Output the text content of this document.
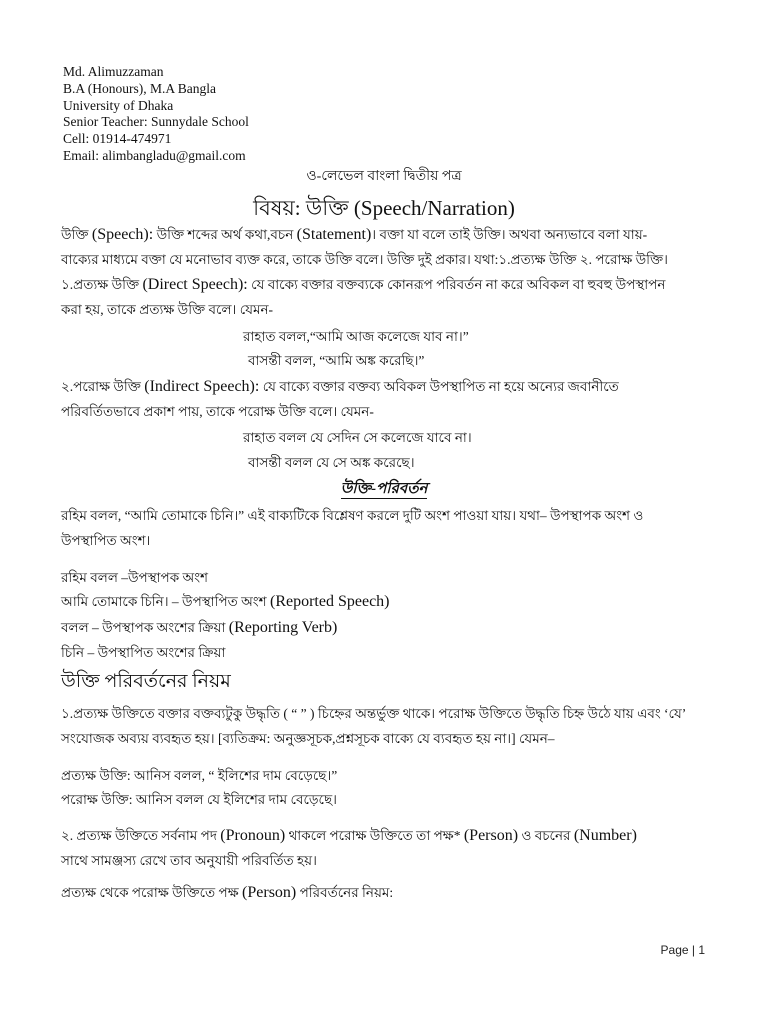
Md. Alimuzzaman
B.A (Honours), M.A Bangla
University of Dhaka
Senior Teacher: Sunnydale School
Cell: 01914-474971
Email: alimbangladu@gmail.com
ও-লেভেল বাংলা দ্বিতীয় পত্র
বিষয়: উক্তি (Speech/Narration)
উক্তি (Speech): উক্তি শব্দের অর্থ কথা,বচন (Statement)। বক্তা যা বলে তাই উক্তি। অথবা অন্যভাবে বলা যায়-
বাক্যের মাধ্যমে বক্তা যে মনোভাব ব্যক্ত করে, তাকে উক্তি বলে। উক্তি দুই প্রকার। যথা:১.প্রত্যক্ষ উক্তি ২. পরোক্ষ উক্তি।
১.প্রত্যক্ষ উক্তি (Direct Speech): যে বাক্যে বক্তার বক্তব্যকে কোনরূপ পরিবর্তন না করে অবিকল বা হুবহু উপস্থাপন
করা হয়, তাকে প্রত্যক্ষ উক্তি বলে। যেমন-
রাহাত বলল,“আমি আজ কলেজে যাব না।”
বাসন্তী বলল, “আমি অঙ্ক করেছি।”
২.পরোক্ষ উক্তি (Indirect Speech): যে বাক্যে বক্তার বক্তব্য অবিকল উপস্থাপিত না হয়ে অন্যের জবানীতে
পরিবর্তিতভাবে প্রকাশ পায়, তাকে পরোক্ষ উক্তি বলে। যেমন-
রাহাত বলল যে সেদিন সে কলেজে যাবে না।
বাসন্তী বলল যে সে অঙ্ক করেছে।
উক্তি-পরিবর্তন
রহিম বলল, “আমি তোমাকে চিনি।” এই বাক্যটিকে বিশ্লেষণ করলে দুটি অংশ পাওয়া যায়। যথা– উপস্থাপক অংশ ও
উপস্থাপিত অংশ।
রহিম বলল –উপস্থাপক অংশ
আমি তোমাকে চিনি। – উপস্থাপিত অংশ (Reported Speech)
বলল – উপস্থাপক অংশের ক্রিয়া (Reporting Verb)
চিনি – উপস্থাপিত অংশের ক্রিয়া
উক্তি পরিবর্তনের নিয়ম
১.প্রত্যক্ষ উক্তিতে বক্তার বক্তব্যটুকু উদ্ধৃতি ( “ ” ) চিহ্নের অন্তর্ভুক্ত থাকে। পরোক্ষ উক্তিতে উদ্ধৃতি চিহ্ন উঠে যায় এবং ‘যে’
সংযোজক অব্যয় ব্যবহৃত হয়। [ব্যতিক্রম: অনুজ্ঞসূচক,প্রশ্নসূচক বাক্যে যে ব্যবহৃত হয় না।] যেমন–
প্রত্যক্ষ উক্তি: আনিস বলল, “ ইলিশের দাম বেড়েছে।”
পরোক্ষ উক্তি: আনিস বলল যে ইলিশের দাম বেড়েছে।
২. প্রত্যক্ষ উক্তিতে সর্বনাম পদ (Pronoun) থাকলে পরোক্ষ উক্তিতে তা পক্ষ* (Person) ও বচনের (Number)
সাথে সামঞ্জস্য রেখে তাব অনুযায়ী পরিবর্তিত হয়।
প্রত্যক্ষ থেকে পরোক্ষ উক্তিতে পক্ষ (Person) পরিবর্তনের নিয়ম:
Page | 1
